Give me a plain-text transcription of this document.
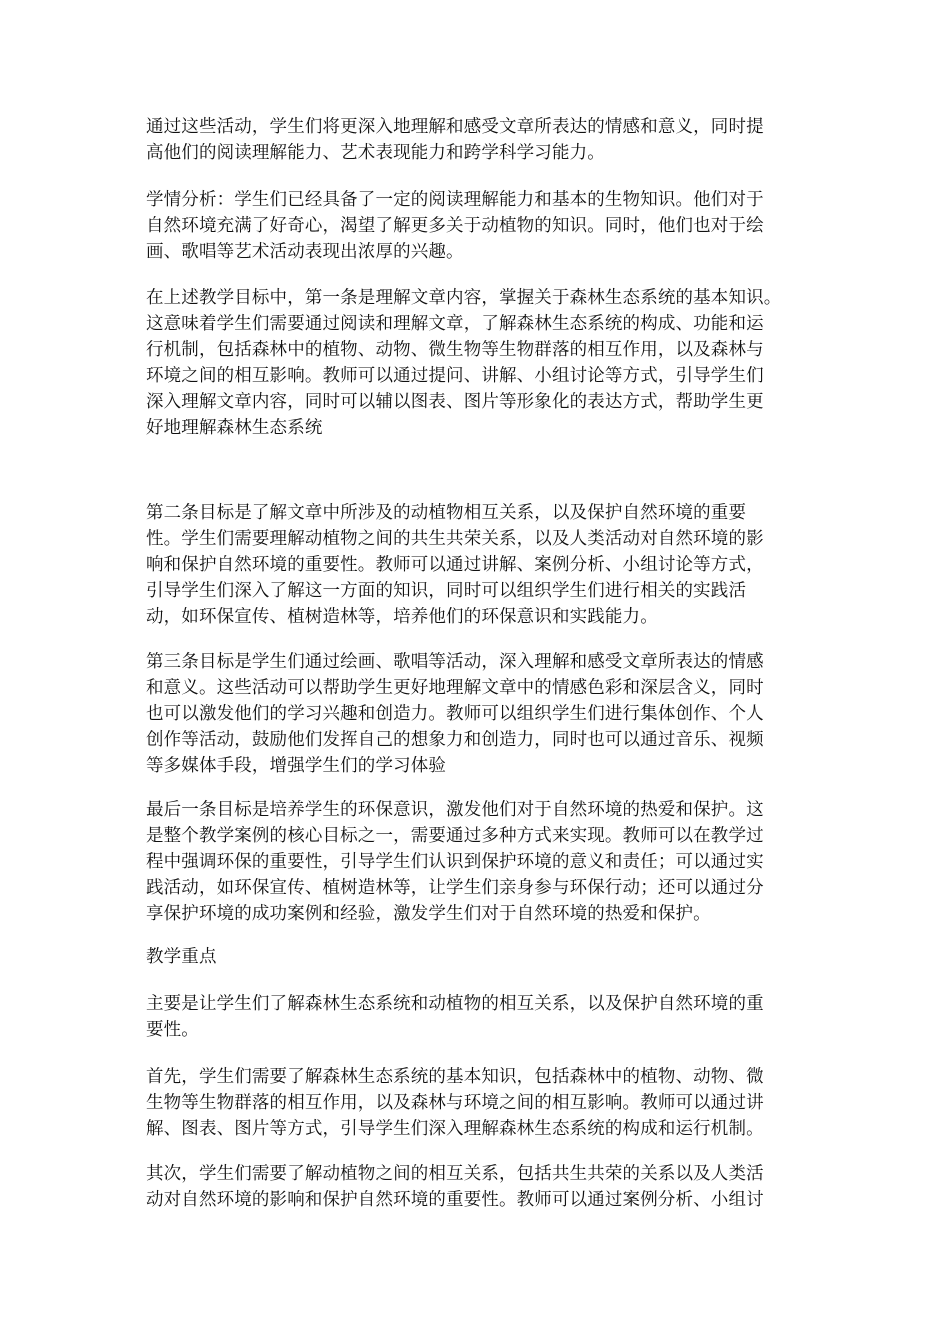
通过这些活动，学生们将更深入地理解和感受文章所表达的情感和意义，同时提
高他们的阅读理解能力、艺术表现能力和跨学科学习能力。
学情分析：学生们已经具备了一定的阅读理解能力和基本的生物知识。他们对于
自然环境充满了好奇心，渴望了解更多关于动植物的知识。同时，他们也对于绘
画、歌唱等艺术活动表现出浓厚的兴趣。
在上述教学目标中，第一条是理解文章内容，掌握关于森林生态系统的基本知识。
这意味着学生们需要通过阅读和理解文章，了解森林生态系统的构成、功能和运
行机制，包括森林中的植物、动物、微生物等生物群落的相互作用，以及森林与
环境之间的相互影响。教师可以通过提问、讲解、小组讨论等方式，引导学生们
深入理解文章内容，同时可以辅以图表、图片等形象化的表达方式，帮助学生更
好地理解森林生态系统
第二条目标是了解文章中所涉及的动植物相互关系，以及保护自然环境的重要
性。学生们需要理解动植物之间的共生共荣关系，以及人类活动对自然环境的影
响和保护自然环境的重要性。教师可以通过讲解、案例分析、小组讨论等方式，
引导学生们深入了解这一方面的知识，同时可以组织学生们进行相关的实践活
动，如环保宣传、植树造林等，培养他们的环保意识和实践能力。
第三条目标是学生们通过绘画、歌唱等活动，深入理解和感受文章所表达的情感
和意义。这些活动可以帮助学生更好地理解文章中的情感色彩和深层含义，同时
也可以激发他们的学习兴趣和创造力。教师可以组织学生们进行集体创作、个人
创作等活动，鼓励他们发挥自己的想象力和创造力，同时也可以通过音乐、视频
等多媒体手段，增强学生们的学习体验
最后一条目标是培养学生的环保意识，激发他们对于自然环境的热爱和保护。这
是整个教学案例的核心目标之一，需要通过多种方式来实现。教师可以在教学过
程中强调环保的重要性，引导学生们认识到保护环境的意义和责任；可以通过实
践活动，如环保宣传、植树造林等，让学生们亲身参与环保行动；还可以通过分
享保护环境的成功案例和经验，激发学生们对于自然环境的热爱和保护。
教学重点
主要是让学生们了解森林生态系统和动植物的相互关系，以及保护自然环境的重
要性。
首先，学生们需要了解森林生态系统的基本知识，包括森林中的植物、动物、微
生物等生物群落的相互作用，以及森林与环境之间的相互影响。教师可以通过讲
解、图表、图片等方式，引导学生们深入理解森林生态系统的构成和运行机制。
其次，学生们需要了解动植物之间的相互关系，包括共生共荣的关系以及人类活
动对自然环境的影响和保护自然环境的重要性。教师可以通过案例分析、小组讨
